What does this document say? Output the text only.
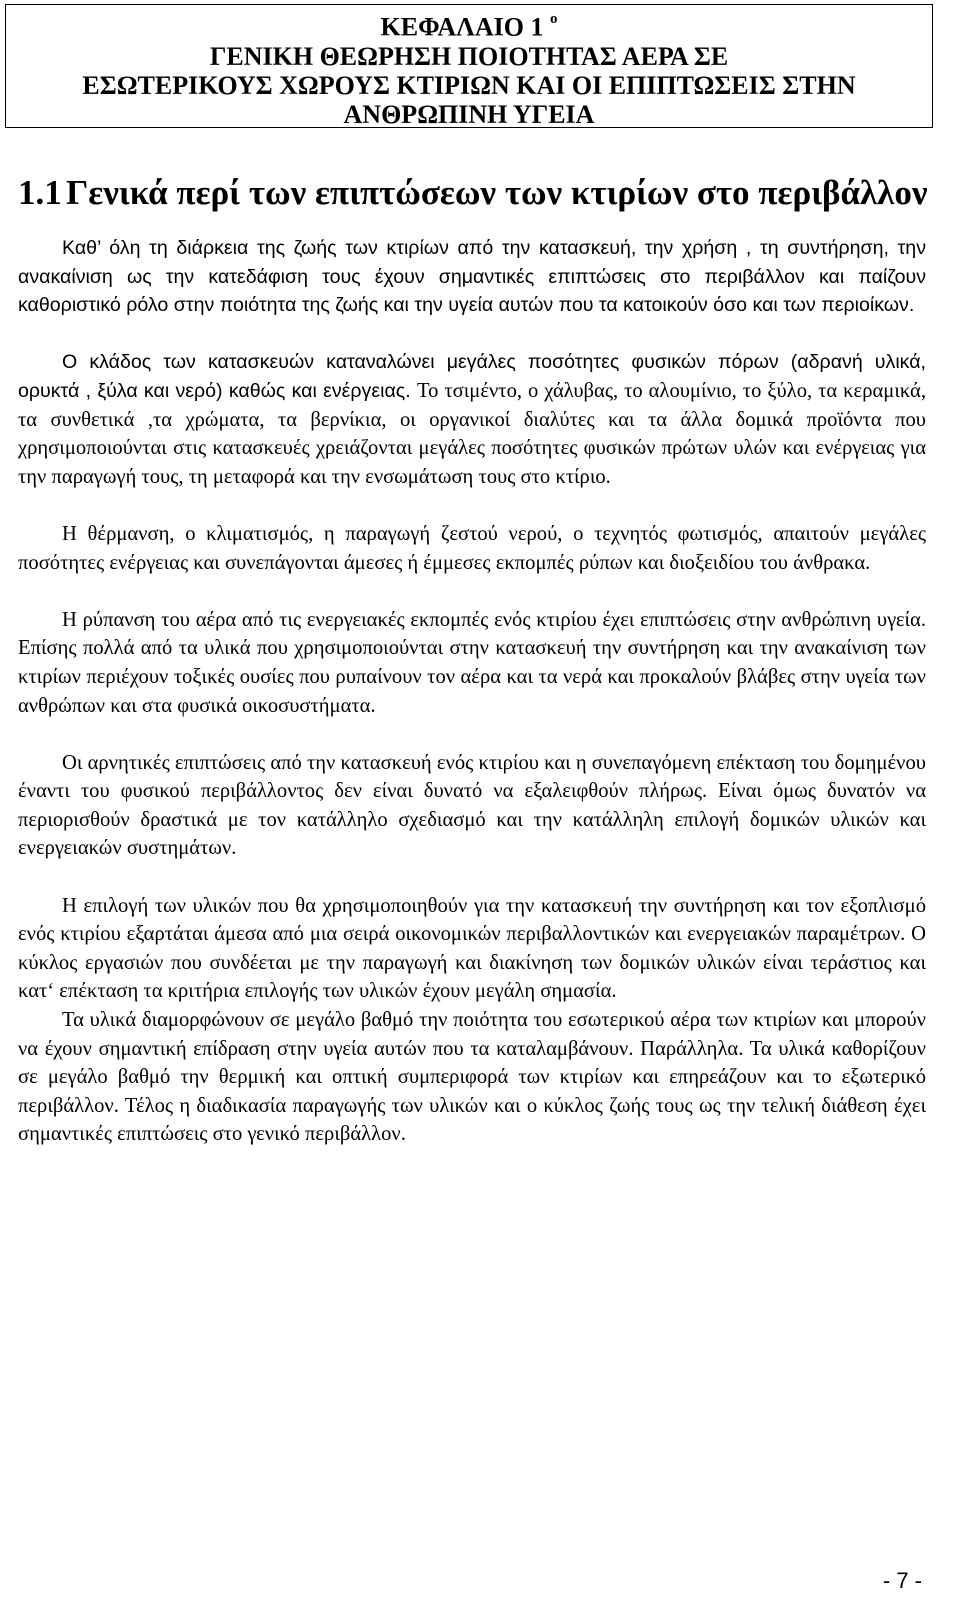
ΚΕΦΑΛΑΙΟ 1 $^o$
ΓΕΝΙΚΗ ΘΕΩΡΗΣΗ ΠΟΙΟΤΗΤΑΣ ΑΕΡΑ ΣΕ
ΕΣΩΤΕΡΙΚΟΥΣ ΧΩΡΟΥΣ ΚΤΙΡΙΩΝ ΚΑΙ ΟΙ ΕΠΙΠΤΩΣΕΙΣ ΣΤΗΝ
ΑΝΘΡΩΠΙΝΗ ΥΓΕΙΑ
1.1 Γενικά περί των επιπτώσεων των κτιρίων στο περιβάλλον

Καθ’ όλη τη διάρκεια της ζωής των κτιρίων από την κατασκευή, την χρήση , τη συντήρηση, την ανακαίνιση ως την κατεδάφιση τους έχουν σημαντικές επιπτώσεις στο περιβάλλον και παίζουν καθοριστικό ρόλο στην ποιότητα της ζωής και την υγεία αυτών που τα κατοικούν όσο και των περιοίκων.

Ο κλάδος των κατασκευών καταναλώνει μεγάλες ποσότητες φυσικών πόρων (αδρανή υλικά, ορυκτά , ξύλα και νερό) καθώς και ενέργειας. Το τσιμέντο, ο χάλυβας, το αλουμίνιο, το ξύλο, τα κεραμικά, τα συνθετικά ,τα χρώματα, τα βερνίκια, οι οργανικοί διαλύτες και τα άλλα δομικά προϊόντα που χρησιμοποιούνται στις κατασκευές χρειάζονται μεγάλες ποσότητες φυσικών πρώτων υλών και ενέργειας για την παραγωγή τους, τη μεταφορά και την ενσωμάτωση τους στο κτίριο.

Η θέρμανση, ο κλιματισμός, η παραγωγή ζεστού νερού, ο τεχνητός φωτισμός, απαιτούν μεγάλες ποσότητες ενέργειας και συνεπάγονται άμεσες ή έμμεσες εκπομπές ρύπων και διοξειδίου του άνθρακα.

Η ρύπανση του αέρα από τις ενεργειακές εκπομπές ενός κτιρίου έχει επιπτώσεις στην ανθρώπινη υγεία. Επίσης πολλά από τα υλικά που χρησιμοποιούνται στην κατασκευή την συντήρηση και την ανακαίνιση των κτιρίων περιέχουν τοξικές ουσίες που ρυπαίνουν τον αέρα και τα νερά και προκαλούν βλάβες στην υγεία των ανθρώπων και στα φυσικά οικοσυστήματα.

Οι αρνητικές επιπτώσεις από την κατασκευή ενός κτιρίου και η συνεπαγόμενη επέκταση του δομημένου έναντι του φυσικού περιβάλλοντος δεν είναι δυνατό να εξαλειφθούν πλήρως. Είναι όμως δυνατόν να περιορισθούν δραστικά με τον κατάλληλο σχεδιασμό και την κατάλληλη επιλογή δομικών υλικών και ενεργειακών συστημάτων.

Η επιλογή των υλικών που θα χρησιμοποιηθούν για την κατασκευή την συντήρηση και τον εξοπλισμό ενός κτιρίου εξαρτάται άμεσα από μια σειρά οικονομικών περιβαλλοντικών και ενεργειακών παραμέτρων. Ο κύκλος εργασιών που συνδέεται με την παραγωγή και διακίνηση των δομικών υλικών είναι τεράστιος και κατ‘ επέκταση τα κριτήρια επιλογής των υλικών έχουν μεγάλη σημασία.

Τα υλικά διαμορφώνουν σε μεγάλο βαθμό την ποιότητα του εσωτερικού αέρα των κτιρίων και μπορούν να έχουν σημαντική επίδραση στην υγεία αυτών που τα καταλαμβάνουν. Παράλληλα. Τα υλικά καθορίζουν σε μεγάλο βαθμό την θερμική και οπτική συμπεριφορά των κτιρίων και επηρεάζουν και το εξωτερικό περιβάλλον. Τέλος η διαδικασία παραγωγής των υλικών και ο κύκλος ζωής τους ως την τελική διάθεση έχει σημαντικές επιπτώσεις στο γενικό περιβάλλον.

- 7 -
